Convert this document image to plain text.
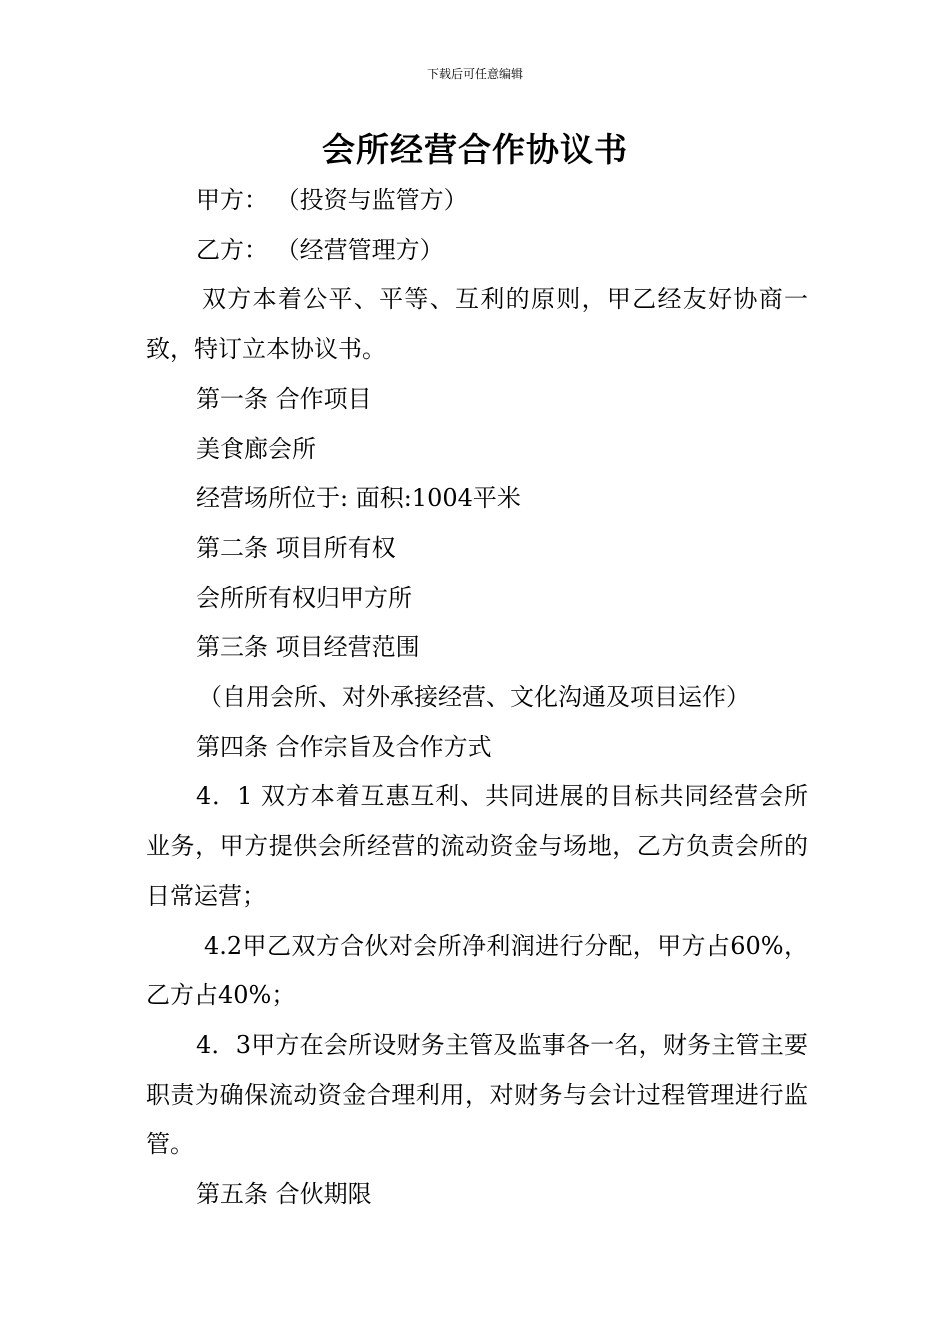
下载后可任意编辑
会所经营合作协议书

甲方： （投资与监管方）

乙方： （经营管理方）

双方本着公平、平等、互利的原则，甲乙经友好协商一致，特订立本协议书。

第一条 合作项目

美食廊会所

经营场所位于: 面积:1004平米

第二条 项目所有权

会所所有权归甲方所

第三条 项目经营范围

（自用会所、对外承接经营、文化沟通及项目运作）

第四条 合作宗旨及合作方式

4．1 双方本着互惠互利、共同进展的目标共同经营会所业务，甲方提供会所经营的流动资金与场地，乙方负责会所的日常运营；

4.2甲乙双方合伙对会所净利润进行分配，甲方占60%，乙方占40%；

4．3甲方在会所设财务主管及监事各一名，财务主管主要职责为确保流动资金合理利用，对财务与会计过程管理进行监管。

第五条 合伙期限
